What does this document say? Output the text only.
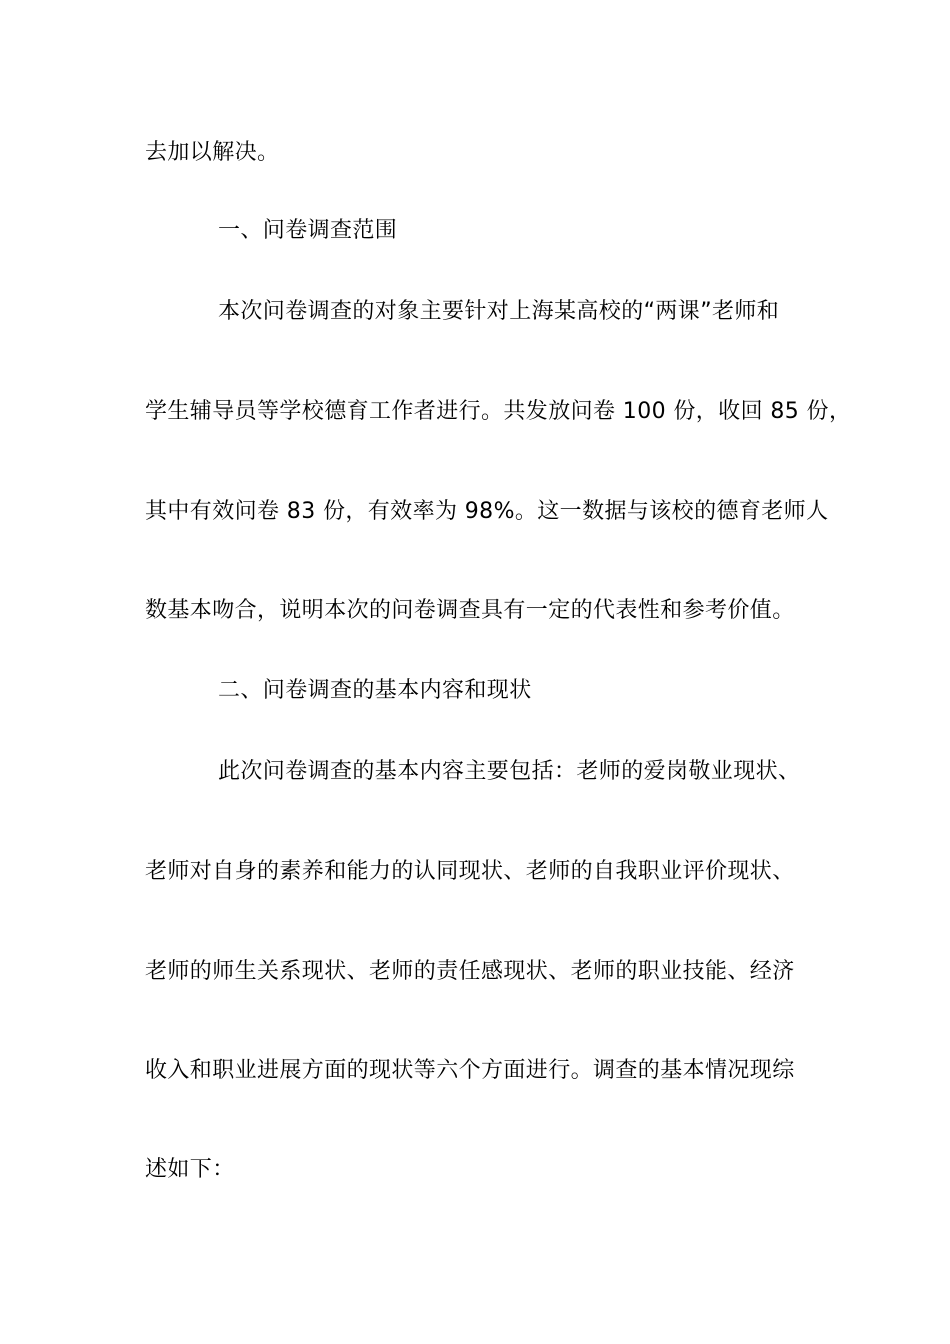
去加以解决。
一、问卷调查范围
本次问卷调查的对象主要针对上海某高校的“两课”老师和
学生辅导员等学校德育工作者进行。共发放问卷 100 份，收回 85 份，
其中有效问卷 83 份，有效率为 98%。这一数据与该校的德育老师人
数基本吻合，说明本次的问卷调查具有一定的代表性和参考价值。
二、问卷调查的基本内容和现状
此次问卷调查的基本内容主要包括：老师的爱岗敬业现状、
老师对自身的素养和能力的认同现状、老师的自我职业评价现状、
老师的师生关系现状、老师的责任感现状、老师的职业技能、经济
收入和职业进展方面的现状等六个方面进行。调查的基本情况现综
述如下：
